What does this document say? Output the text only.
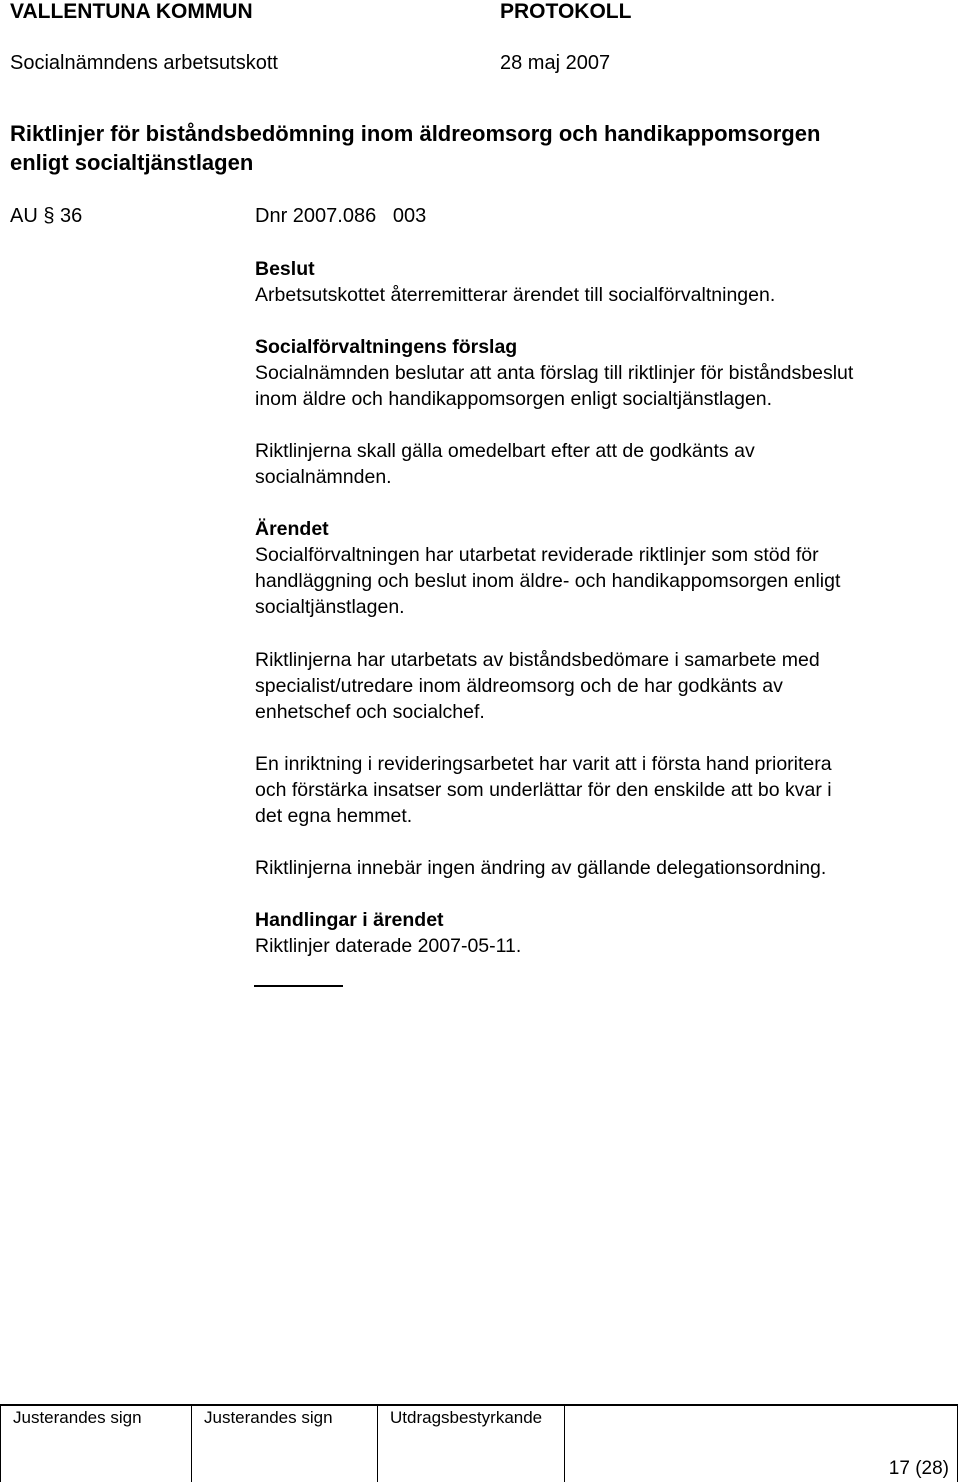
VALLENTUNA KOMMUN	PROTOKOLL
Socialnämndens arbetsutskott	28 maj 2007
Riktlinjer för biståndsbedömning inom äldreomsorg och handikappomsorgen
enligt socialtjänstlagen
AU § 36	Dnr 2007.086   003
Beslut
Arbetsutskottet återremitterar ärendet till socialförvaltningen.
Socialförvaltningens förslag
Socialnämnden beslutar att anta förslag till riktlinjer för biståndsbeslut
inom äldre och handikappomsorgen enligt socialtjänstlagen.
Riktlinjerna skall gälla omedelbart efter att de godkänts av
socialnämnden.
Ärendet
Socialförvaltningen har utarbetat reviderade riktlinjer som stöd för
handläggning och beslut inom äldre- och handikappomsorgen enligt
socialtjänstlagen.
Riktlinjerna har utarbetats av biståndsbedömare i samarbete med
specialist/utredare inom äldreomsorg och de har godkänts av
enhetschef och socialchef.
En inriktning i revideringsarbetet har varit att i första hand prioritera
och förstärka insatser som underlättar för den enskilde att bo kvar i
det egna hemmet.
Riktlinjerna innebär ingen ändring av gällande delegationsordning.
Handlingar i ärendet
Riktlinjer daterade 2007-05-11.
Justerandes sign	Justerandes sign	Utdragsbestyrkande
17 (28)
